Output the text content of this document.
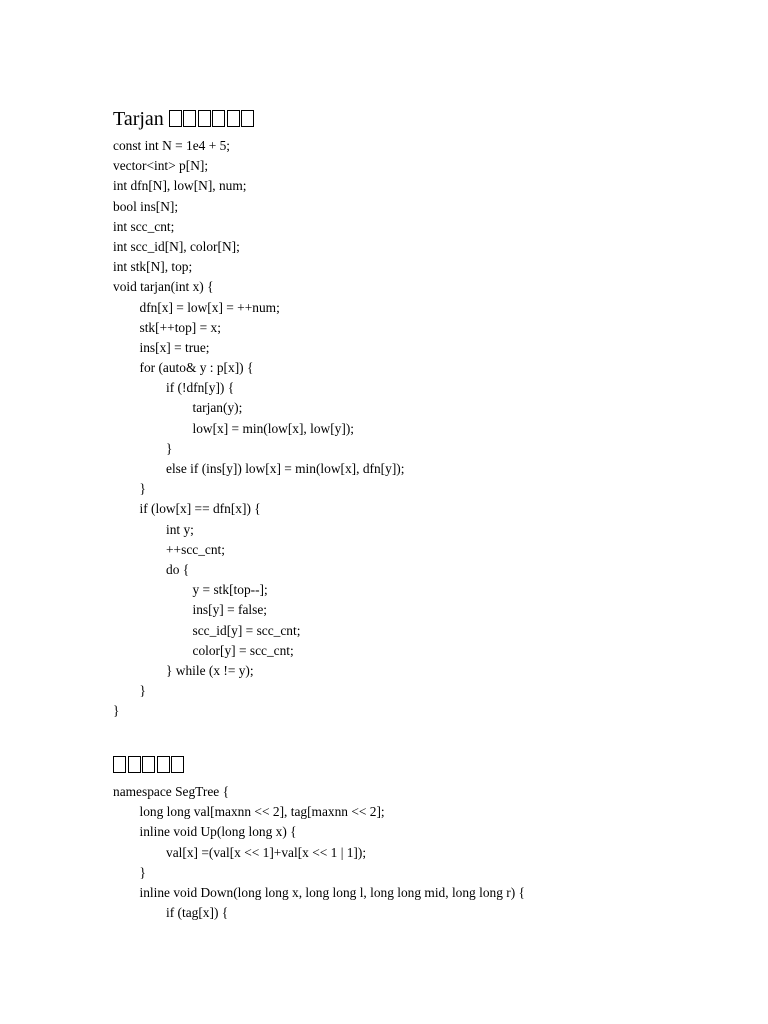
Tarjan
const int N = 1e4 + 5;
vector<int> p[N];
int dfn[N], low[N], num;
bool ins[N];
int scc_cnt;
int scc_id[N], color[N];
int stk[N], top;
void tarjan(int x) {
dfn[x] = low[x] = ++num;
stk[++top] = x;
ins[x] = true;
for (auto& y : p[x]) {
if (!dfn[y]) {
tarjan(y);
low[x] = min(low[x], low[y]);
}
else if (ins[y]) low[x] = min(low[x], dfn[y]);
}
if (low[x] == dfn[x]) {
int y;
++scc_cnt;
do {
y = stk[top--];
ins[y] = false;
scc_id[y] = scc_cnt;
color[y] = scc_cnt;
} while (x != y);
}
}
namespace SegTree {
long long val[maxnn << 2], tag[maxnn << 2];
inline void Up(long long x) {
val[x] =(val[x << 1]+val[x << 1 | 1]);
}
inline void Down(long long x, long long l, long long mid, long long r) {
if (tag[x]) {
